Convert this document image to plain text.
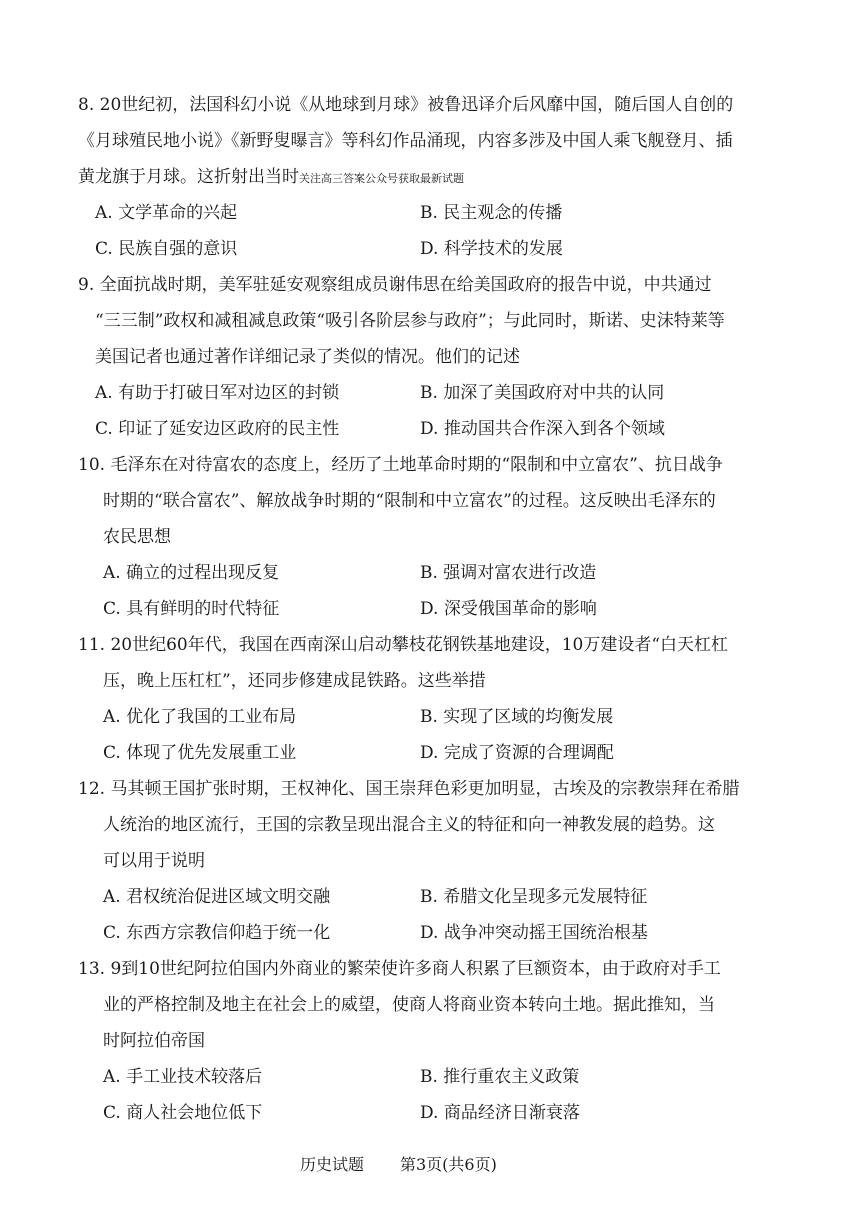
8. 20世纪初，法国科幻小说《从地球到月球》被鲁迅译介后风靡中国，随后国人自创的
《月球殖民地小说》《新野叟曝言》等科幻作品涌现，内容多涉及中国人乘飞舰登月、插
黄龙旗于月球。这折射出当时关注高三答案公众号获取最新试题
A. 文学革命的兴起	B. 民主观念的传播
C. 民族自强的意识	D. 科学技术的发展
9. 全面抗战时期，美军驻延安观察组成员谢伟思在给美国政府的报告中说，中共通过
“三三制”政权和减租减息政策“吸引各阶层参与政府”；与此同时，斯诺、史沫特莱等
美国记者也通过著作详细记录了类似的情况。他们的记述
A. 有助于打破日军对边区的封锁	B. 加深了美国政府对中共的认同
C. 印证了延安边区政府的民主性	D. 推动国共合作深入到各个领域
10. 毛泽东在对待富农的态度上，经历了土地革命时期的“限制和中立富农”、抗日战争
时期的“联合富农”、解放战争时期的“限制和中立富农”的过程。这反映出毛泽东的
农民思想
A. 确立的过程出现反复	B. 强调对富农进行改造
C. 具有鲜明的时代特征	D. 深受俄国革命的影响
11. 20世纪60年代，我国在西南深山启动攀枝花钢铁基地建设，10万建设者“白天杠杠
压，晚上压杠杠”，还同步修建成昆铁路。这些举措
A. 优化了我国的工业布局	B. 实现了区域的均衡发展
C. 体现了优先发展重工业	D. 完成了资源的合理调配
12. 马其顿王国扩张时期，王权神化、国王崇拜色彩更加明显，古埃及的宗教崇拜在希腊
人统治的地区流行，王国的宗教呈现出混合主义的特征和向一神教发展的趋势。这
可以用于说明
A. 君权统治促进区域文明交融	B. 希腊文化呈现多元发展特征
C. 东西方宗教信仰趋于统一化	D. 战争冲突动摇王国统治根基
13. 9到10世纪阿拉伯国内外商业的繁荣使许多商人积累了巨额资本，由于政府对手工
业的严格控制及地主在社会上的威望，使商人将商业资本转向土地。据此推知，当
时阿拉伯帝国
A. 手工业技术较落后	B. 推行重农主义政策
C. 商人社会地位低下	D. 商品经济日渐衰落
历史试题 第3页(共6页)
